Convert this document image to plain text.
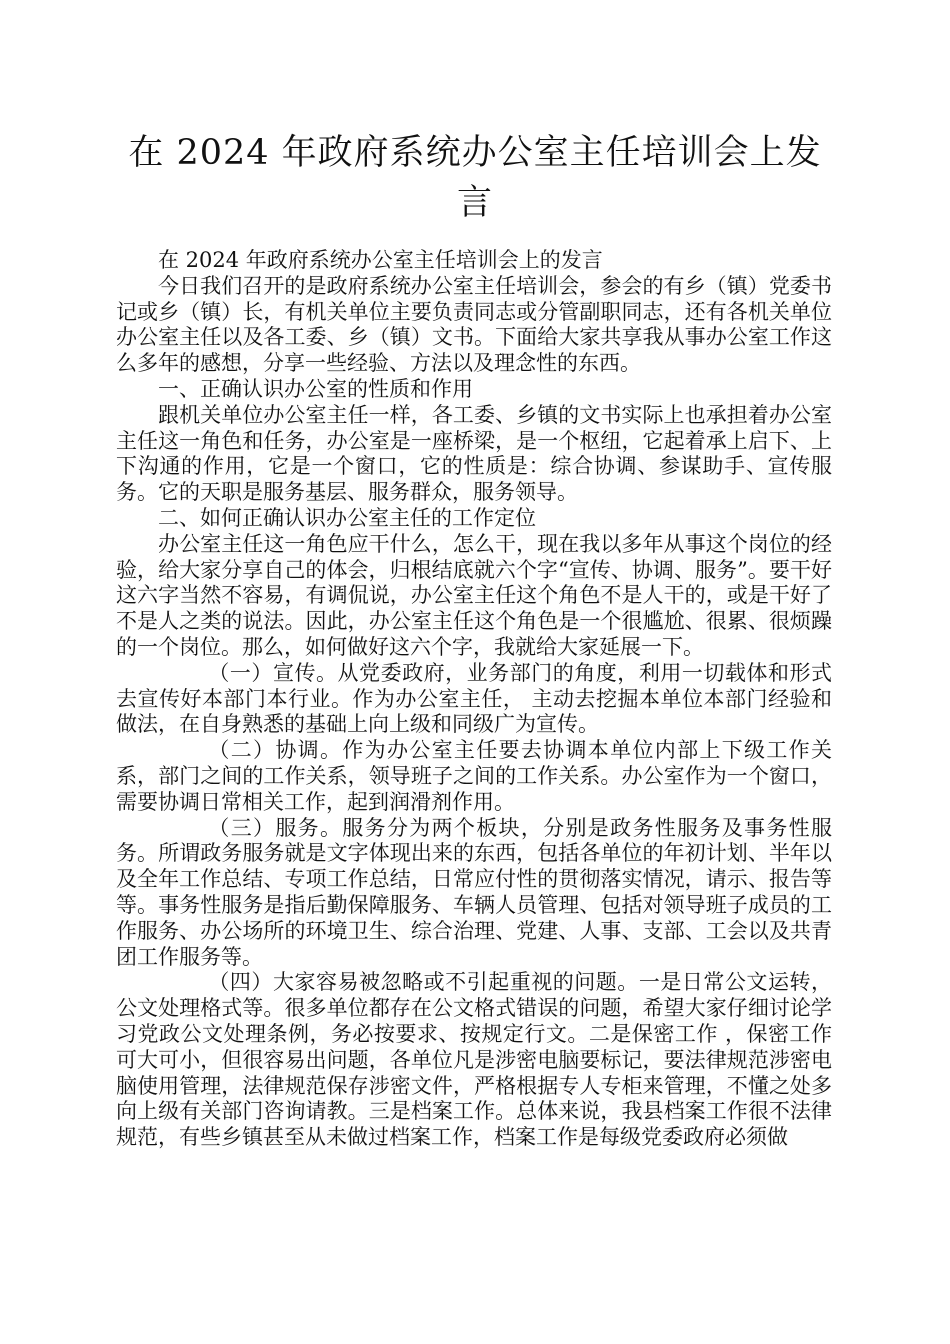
在 2024 年政府系统办公室主任培训会上发言

在 2024 年政府系统办公室主任培训会上的发言

今日我们召开的是政府系统办公室主任培训会，参会的有乡（镇）党委书记或乡（镇）长，有机关单位主要负责同志或分管副职同志，还有各机关单位办公室主任以及各工委、乡（镇）文书。下面给大家共享我从事办公室工作这么多年的感想，分享一些经验、方法以及理念性的东西。

一、正确认识办公室的性质和作用

跟机关单位办公室主任一样，各工委、乡镇的文书实际上也承担着办公室主任这一角色和任务，办公室是一座桥梁，是一个枢纽，它起着承上启下、上下沟通的作用，它是一个窗口，它的性质是：综合协调、参谋助手、宣传服务。它的天职是服务基层、服务群众，服务领导。

二、如何正确认识办公室主任的工作定位

办公室主任这一角色应干什么，怎么干，现在我以多年从事这个岗位的经验，给大家分享自己的体会，归根结底就六个字“宣传、协调、服务”。要干好这六字当然不容易，有调侃说，办公室主任这个角色不是人干的，或是干好了不是人之类的说法。因此，办公室主任这个角色是一个很尴尬、很累、很烦躁的一个岗位。那么，如何做好这六个字，我就给大家延展一下。

（一）宣传。从党委政府，业务部门的角度，利用一切载体和形式去宣传好本部门本行业。作为办公室主任， 主动去挖掘本单位本部门经验和做法，在自身熟悉的基础上向上级和同级广为宣传。

（二）协调。作为办公室主任要去协调本单位内部上下级工作关系，部门之间的工作关系，领导班子之间的工作关系。办公室作为一个窗口，需要协调日常相关工作，起到润滑剂作用。

（三）服务。服务分为两个板块，分别是政务性服务及事务性服务。所谓政务服务就是文字体现出来的东西，包括各单位的年初计划、半年以及全年工作总结、专项工作总结，日常应付性的贯彻落实情况，请示、报告等等。事务性服务是指后勤保障服务、车辆人员管理、包括对领导班子成员的工作服务、办公场所的环境卫生、综合治理、党建、人事、支部、工会以及共青团工作服务等。

（四）大家容易被忽略或不引起重视的问题。一是日常公文运转，公文处理格式等。很多单位都存在公文格式错误的问题，希望大家仔细讨论学习党政公文处理条例，务必按要求、按规定行文。二是保密工作 ，保密工作可大可小，但很容易出问题，各单位凡是涉密电脑要标记，要法律规范涉密电脑使用管理，法律规范保存涉密文件，严格根据专人专柜来管理，不懂之处多向上级有关部门咨询请教。三是档案工作。总体来说，我县档案工作很不法律规范，有些乡镇甚至从未做过档案工作，档案工作是每级党委政府必须做
